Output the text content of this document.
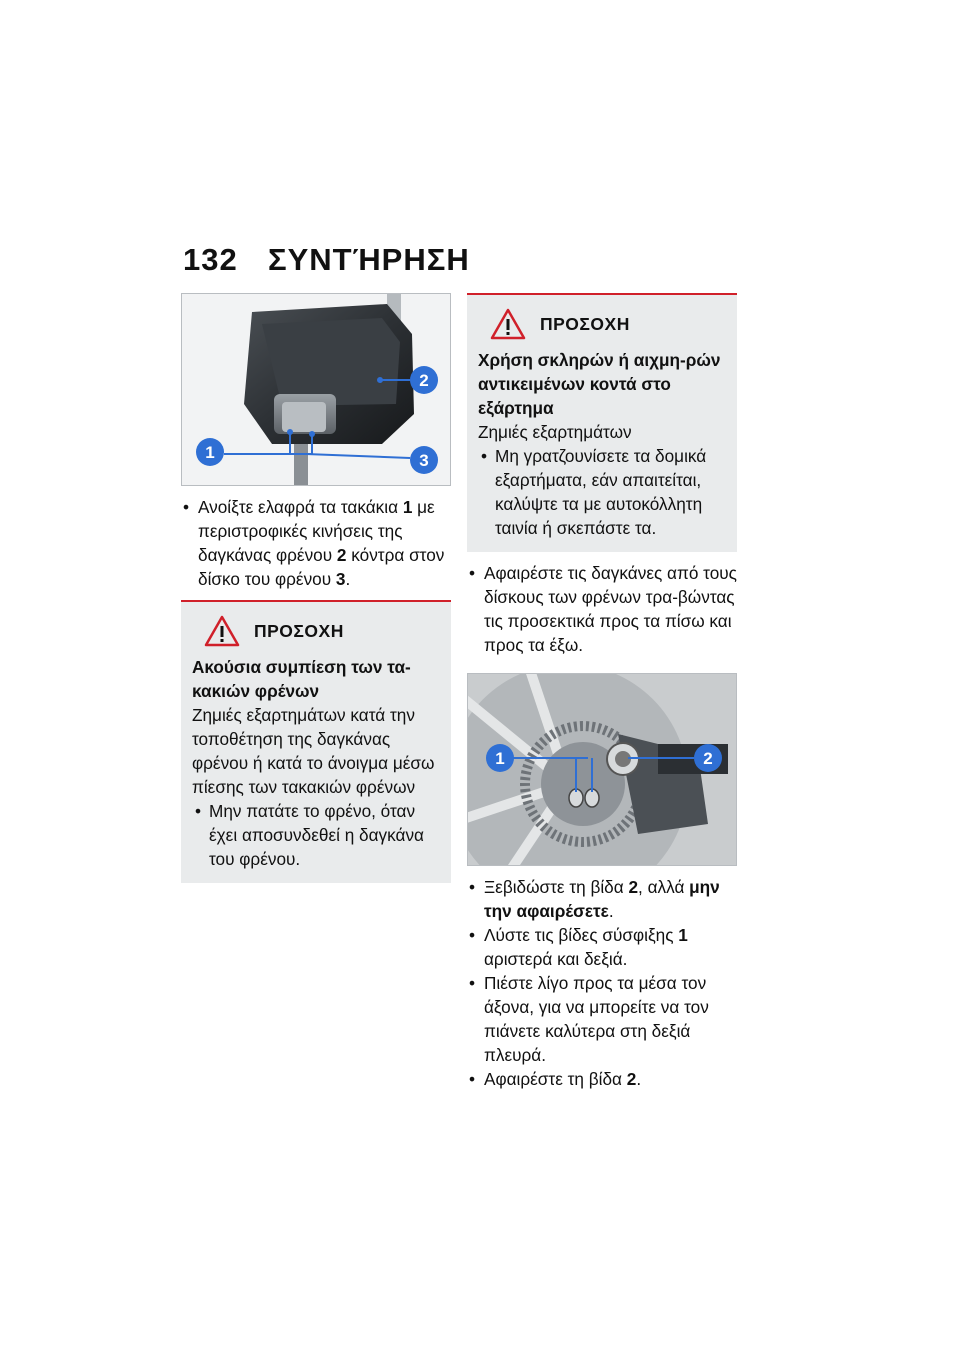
132 ΣΥΝΤΉΡΗΣΗ
1
2
3
• Ανοίξτε ελαφρά τα τακάκια 1 με περιστροφικές κινήσεις της δαγκάνας φρένου 2 κόντρα στον δίσκο του φρένου 3.
ΠΡΟΣΟΧΗ
Ακούσια συμπίεση των τα-κακιών φρένων
Ζημιές εξαρτημάτων κατά την τοποθέτηση της δαγκάνας φρένου ή κατά το άνοιγμα μέσω πίεσης των τακακιών φρένων
• Μην πατάτε το φρένο, όταν έχει αποσυνδεθεί η δαγκάνα του φρένου.
ΠΡΟΣΟΧΗ
Χρήση σκληρών ή αιχμη-ρών αντικειμένων κοντά στο εξάρτημα
Ζημιές εξαρτημάτων
• Μη γρατζουνίσετε τα δομικά εξαρτήματα, εάν απαιτείται, καλύψτε τα με αυτοκόλλητη ταινία ή σκεπάστε τα.
• Αφαιρέστε τις δαγκάνες από τους δίσκους των φρένων τρα-βώντας τις προσεκτικά προς τα πίσω και προς τα έξω.
1	2
• Ξεβιδώστε τη βίδα 2, αλλά μην την αφαιρέσετε.
• Λύστε τις βίδες σύσφιξης 1 αριστερά και δεξιά.
• Πιέστε λίγο προς τα μέσα τον άξονα, για να μπορείτε να τον πιάνετε καλύτερα στη δεξιά πλευρά.
• Αφαιρέστε τη βίδα 2.
